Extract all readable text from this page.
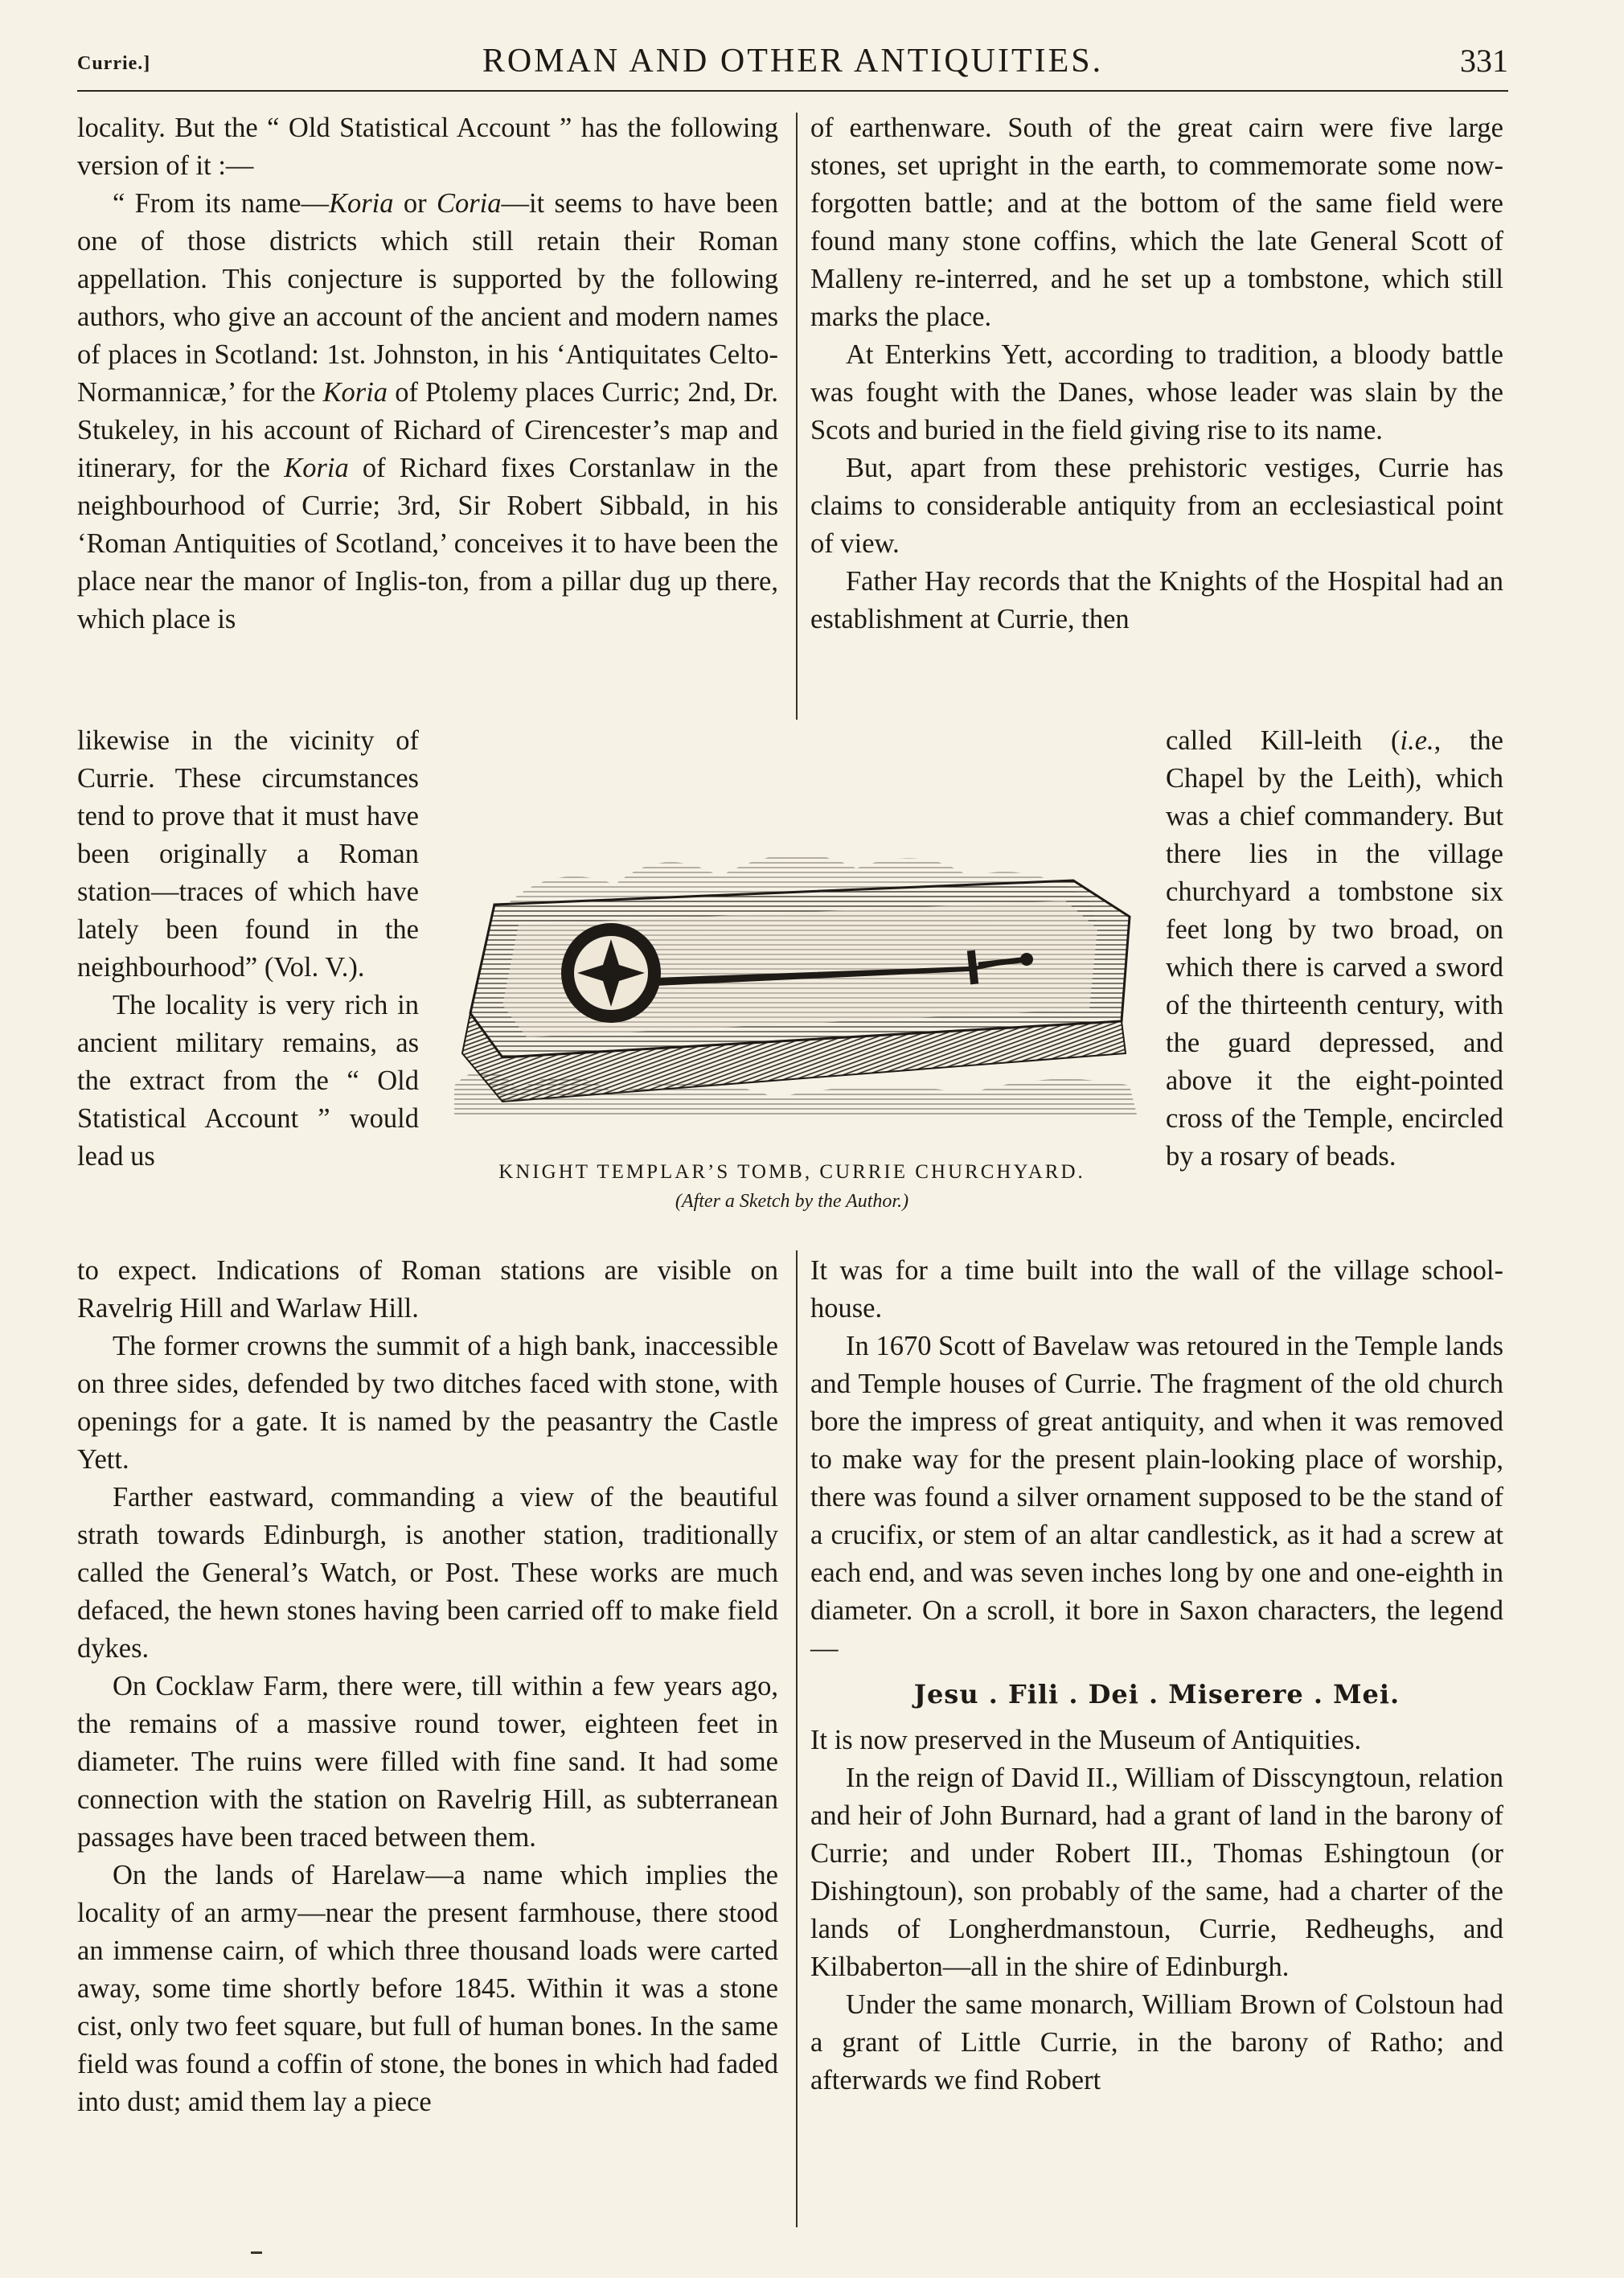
Currie.]	ROMAN AND OTHER ANTIQUITIES.	331

locality. But the “ Old Statistical Account ” has the following version of it :—

“ From its name—Koria or Coria—it seems to have been one of those districts which still retain their Roman appellation. This conjecture is supported by the following authors, who give an account of the ancient and modern names of places in Scotland: 1st. Johnston, in his ‘Antiquitates Celto-Normannicæ,’ for the Koria of Ptolemy places Curric; 2nd, Dr. Stukeley, in his account of Richard of Cirencester’s map and itinerary, for the Koria of Richard fixes Corstanlaw in the neighbourhood of Currie; 3rd, Sir Robert Sibbald, in his ‘Roman Antiquities of Scotland,’ conceives it to have been the place near the manor of Inglis-ton, from a pillar dug up there, which place is

likewise in the vicinity of Currie. These circumstances tend to prove that it must have been originally a Roman station—traces of which have lately been found in the neighbourhood” (Vol. V.).

The locality is very rich in ancient military remains, as the extract from the “ Old Statistical Account ” would lead us

to expect. Indications of Roman stations are visible on Ravelrig Hill and Warlaw Hill.

The former crowns the summit of a high bank, inaccessible on three sides, defended by two ditches faced with stone, with openings for a gate. It is named by the peasantry the Castle Yett.

Farther eastward, commanding a view of the beautiful strath towards Edinburgh, is another station, traditionally called the General’s Watch, or Post. These works are much defaced, the hewn stones having been carried off to make field dykes.

On Cocklaw Farm, there were, till within a few years ago, the remains of a massive round tower, eighteen feet in diameter. The ruins were filled with fine sand. It had some connection with the station on Ravelrig Hill, as subterranean passages have been traced between them.

On the lands of Harelaw—a name which implies the locality of an army—near the present farmhouse, there stood an immense cairn, of which three thousand loads were carted away, some time shortly before 1845. Within it was a stone cist, only two feet square, but full of human bones. In the same field was found a coffin of stone, the bones in which had faded into dust; amid them lay a piece

of earthenware. South of the great cairn were five large stones, set upright in the earth, to commemorate some now-forgotten battle; and at the bottom of the same field were found many stone coffins, which the late General Scott of Malleny re-interred, and he set up a tombstone, which still marks the place.

At Enterkins Yett, according to tradition, a bloody battle was fought with the Danes, whose leader was slain by the Scots and buried in the field giving rise to its name.

But, apart from these prehistoric vestiges, Currie has claims to considerable antiquity from an ecclesiastical point of view.

Father Hay records that the Knights of the Hospital had an establishment at Currie, then

called Kill-leith (i.e., the Chapel by the Leith), which was a chief commandery. But there lies in the village churchyard a tombstone six feet long by two broad, on which there is carved a sword of the thirteenth century, with the guard depressed, and above it the eight-pointed cross of the Temple, encircled by a rosary of beads.

It was for a time built into the wall of the village school-house.

In 1670 Scott of Bavelaw was retoured in the Temple lands and Temple houses of Currie. The fragment of the old church bore the impress of great antiquity, and when it was removed to make way for the present plain-looking place of worship, there was found a silver ornament supposed to be the stand of a crucifix, or stem of an altar candlestick, as it had a screw at each end, and was seven inches long by one and one-eighth in diameter. On a scroll, it bore in Saxon characters, the legend—

Jesu . Fili . Dei . Miserere . Mei.

It is now preserved in the Museum of Antiquities.

In the reign of David II., William of Disscyngtoun, relation and heir of John Burnard, had a grant of land in the barony of Currie; and under Robert III., Thomas Eshingtoun (or Dishingtoun), son probably of the same, had a charter of the lands of Longherdmanstoun, Currie, Redheughs, and Kilbaberton—all in the shire of Edinburgh.

Under the same monarch, William Brown of Colstoun had a grant of Little Currie, in the barony of Ratho; and afterwards we find Robert

KNIGHT TEMPLAR’S TOMB, CURRIE CHURCHYARD.
(After a Sketch by the Author.)
